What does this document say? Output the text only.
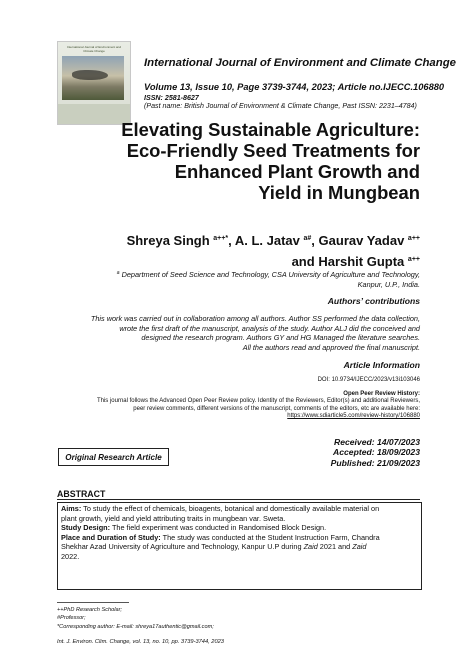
International Journal of Environment and Climate Change
International Journal of Environment and Climate Change
Volume 13, Issue 10, Page 3739-3744, 2023; Article no.IJECC.106880
ISSN: 2581-8627
(Past name: British Journal of Environment & Climate Change, Past ISSN: 2231–4784)
Elevating Sustainable Agriculture:
Eco-Friendly Seed Treatments for
Enhanced Plant Growth and
Yield in Mungbean
Shreya Singh $^{a++*}$, A. L. Jatav $^{a\#}$, Gaurav Yadav $^{a++}$
and Harshit Gupta $^{a++}$
$^a$ Department of Seed Science and Technology, CSA University of Agriculture and Technology,
Kanpur, U.P., India.
Authors’ contributions
This work was carried out in collaboration among all authors. Author SS performed the data collection,
wrote the first draft of the manuscript, analysis of the study. Author ALJ did the conceived and
designed the research program. Authors GY and HG Managed the literature searches.
All the authors read and approved the final manuscript.
Article Information
DOI: 10.9734/IJECC/2023/v13i103046
Open Peer Review History:
This journal follows the Advanced Open Peer Review policy. Identity of the Reviewers, Editor(s) and additional Reviewers,
peer review comments, different versions of the manuscript, comments of the editors, etc are available here:
https://www.sdiarticle5.com/review-history/106880
Original Research Article
Received: 14/07/2023
Accepted: 18/09/2023
Published: 21/09/2023
ABSTRACT
Aims: To study the effect of chemicals, bioagents, botanical and domestically available material on
plant growth, yield and yield attributing traits in mungbean var. Sweta.
Study Design: The field experiment was conducted in Randomised Block Design.
Place and Duration of Study: The study was conducted at the Student Instruction Farm, Chandra
Shekhar Azad University of Agriculture and Technology, Kanpur U.P during Zaid 2021 and Zaid
2022.
++PhD Research Scholar;
#Professor;
*Corresponding author: E-mail: shreya17authentic@gmail.com;
Int. J. Environ. Clim. Change, vol. 13, no. 10, pp. 3739-3744, 2023
